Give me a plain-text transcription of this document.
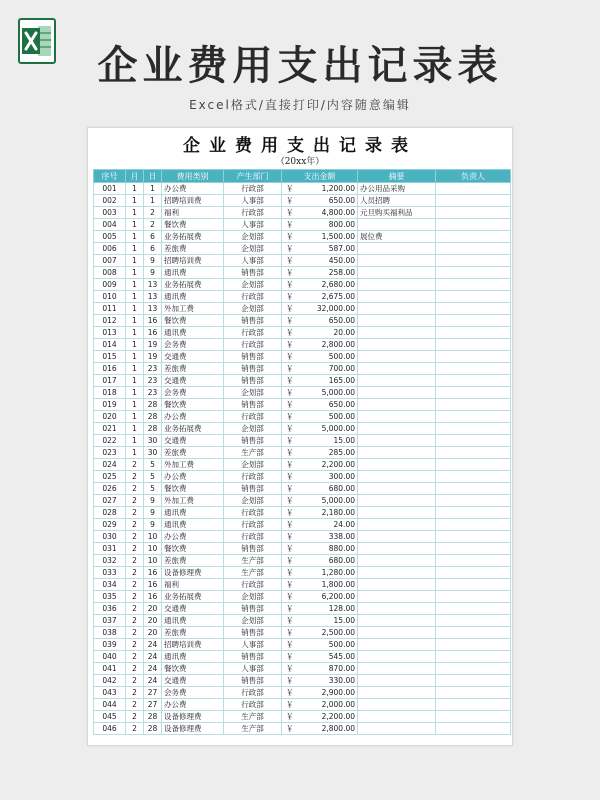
企业费用支出记录表
Excel格式/直接打印/内容随意编辑
企业费用支出记录表
（20xx年）
序号	月	日	费用类别	产生部门	支出金额	摘要	负责人
001	1	1	办公费	行政部	￥ 1,200.00	办公用品采购	
002	1	1	招聘培训费	人事部	￥ 650.00	人员招聘	
003	1	2	福利	行政部	￥ 4,800.00	元旦购买福利品	
004	1	2	餐饮费	人事部	￥ 800.00		
005	1	6	业务拓展费	企划部	￥ 1,500.00	展位费	
006	1	6	差旅费	企划部	￥ 587.00		
007	1	9	招聘培训费	人事部	￥ 450.00		
008	1	9	通讯费	销售部	￥ 258.00		
009	1	13	业务拓展费	企划部	￥ 2,680.00		
010	1	13	通讯费	行政部	￥ 2,675.00		
011	1	13	外加工费	企划部	￥ 32,000.00		
012	1	16	餐饮费	销售部	￥ 650.00		
013	1	16	通讯费	行政部	￥ 20.00		
014	1	19	会务费	行政部	￥ 2,800.00		
015	1	19	交通费	销售部	￥ 500.00		
016	1	23	差旅费	销售部	￥ 700.00		
017	1	23	交通费	销售部	￥ 165.00		
018	1	23	会务费	企划部	￥ 5,000.00		
019	1	28	餐饮费	销售部	￥ 650.00		
020	1	28	办公费	行政部	￥ 500.00		
021	1	28	业务拓展费	企划部	￥ 5,000.00		
022	1	30	交通费	销售部	￥ 15.00		
023	1	30	差旅费	生产部	￥ 285.00		
024	2	5	外加工费	企划部	￥ 2,200.00		
025	2	5	办公费	行政部	￥ 300.00		
026	2	5	餐饮费	销售部	￥ 680.00		
027	2	9	外加工费	企划部	￥ 5,000.00		
028	2	9	通讯费	行政部	￥ 2,180.00		
029	2	9	通讯费	行政部	￥ 24.00		
030	2	10	办公费	行政部	￥ 338.00		
031	2	10	餐饮费	销售部	￥ 880.00		
032	2	10	差旅费	生产部	￥ 680.00		
033	2	16	设备修理费	生产部	￥ 1,280.00		
034	2	16	福利	行政部	￥ 1,800.00		
035	2	16	业务拓展费	企划部	￥ 6,200.00		
036	2	20	交通费	销售部	￥ 128.00		
037	2	20	通讯费	企划部	￥ 15.00		
038	2	20	差旅费	销售部	￥ 2,500.00		
039	2	24	招聘培训费	人事部	￥ 500.00		
040	2	24	通讯费	销售部	￥ 545.00		
041	2	24	餐饮费	人事部	￥ 870.00		
042	2	24	交通费	销售部	￥ 330.00		
043	2	27	会务费	行政部	￥ 2,900.00		
044	2	27	办公费	行政部	￥ 2,000.00		
045	2	28	设备修理费	生产部	￥ 2,200.00		
046	2	28	设备修理费	生产部	￥ 2,800.00		
